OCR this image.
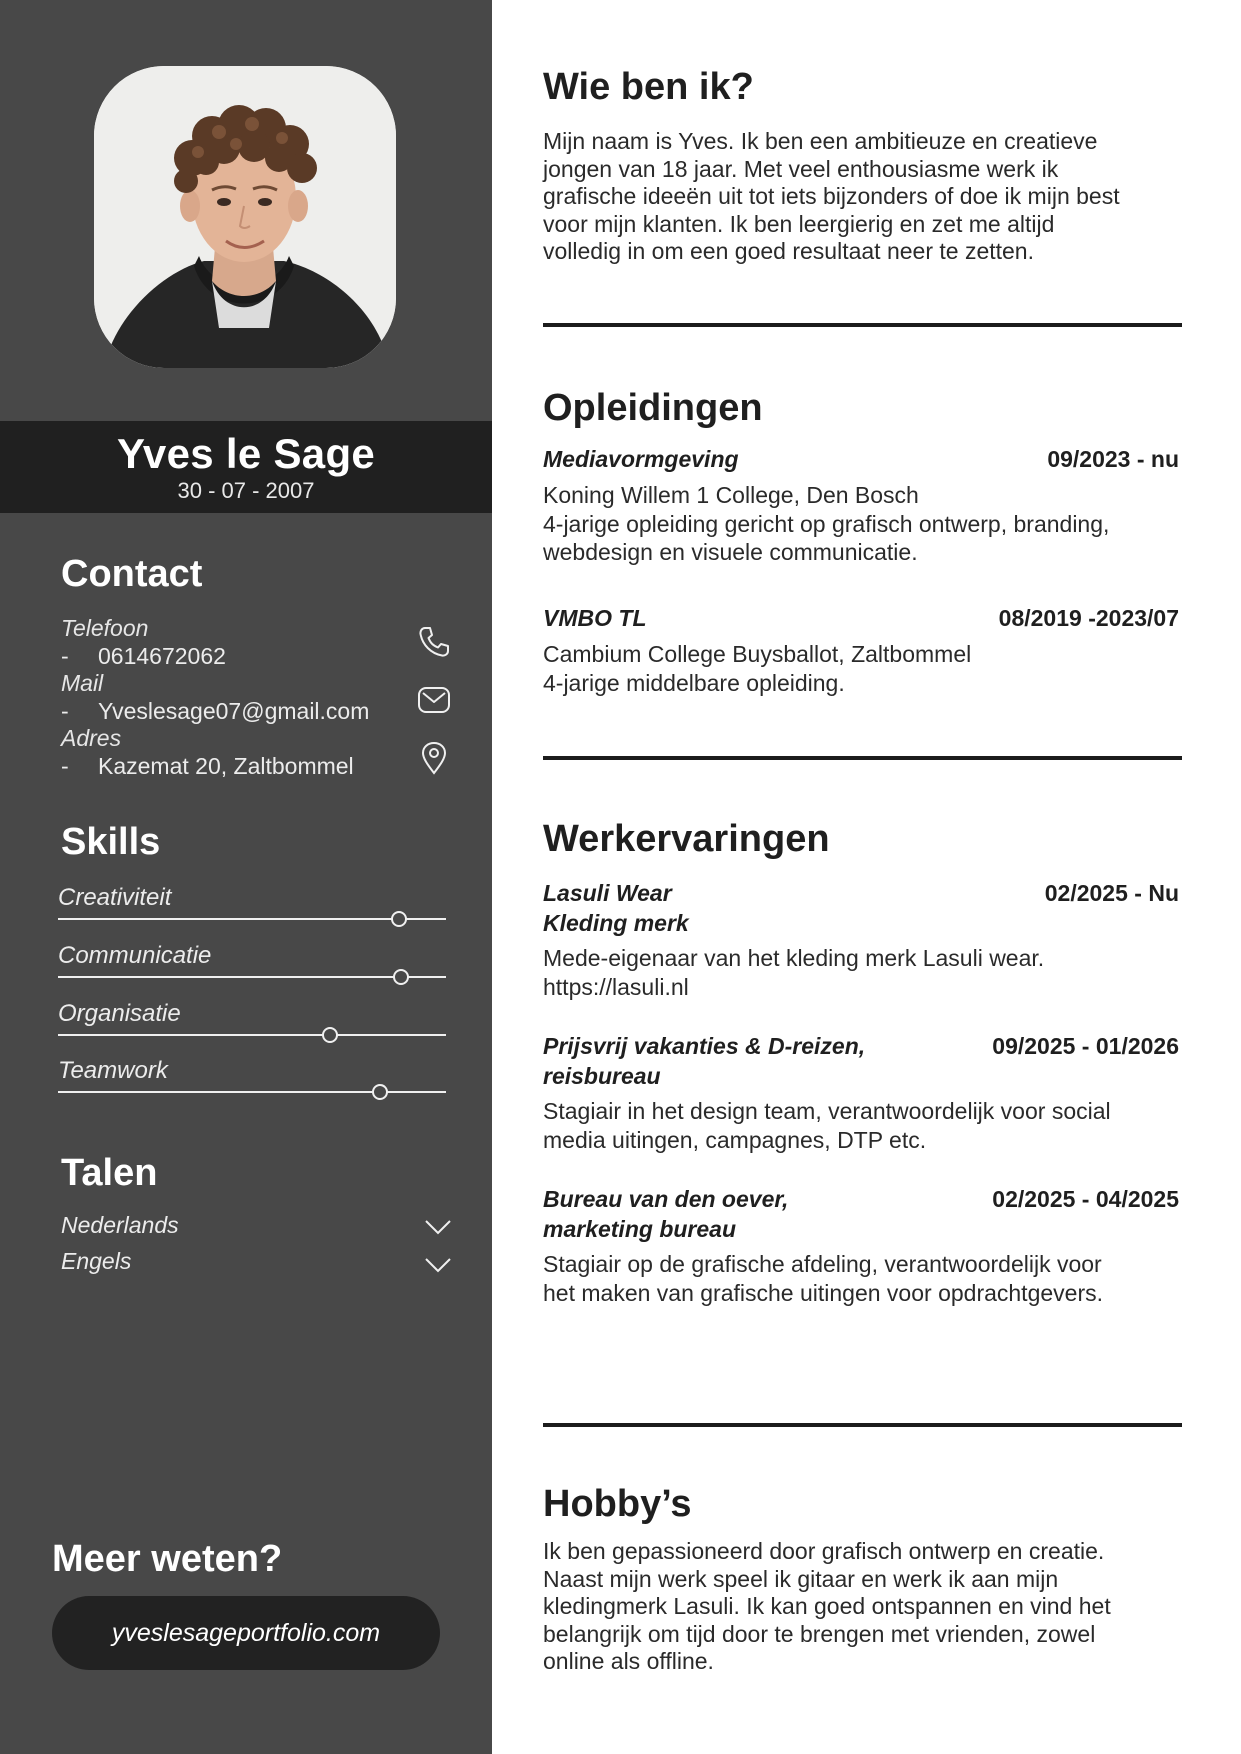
Yves le Sage
30 - 07 - 2007
Contact
Telefoon
- 0614672062
Mail
- Yveslesage07@gmail.com
Adres
- Kazemat 20, Zaltbommel
Skills
Creativiteit
Communicatie
Organisatie
Teamwork
Talen
Nederlands
Engels
Meer weten?
yveslesageportfolio.com
Wie ben ik?

Mijn naam is Yves. Ik ben een ambitieuze en creatieve
jongen van 18 jaar. Met veel enthousiasme werk ik
grafische ideeën uit tot iets bijzonders of doe ik mijn best
voor mijn klanten. Ik ben leergierig en zet me altijd
volledig in om een goed resultaat neer te zetten.

Opleidingen
Mediavormgeving	09/2023 - nu

Koning Willem 1 College, Den Bosch
4-jarige opleiding gericht op grafisch ontwerp, branding,
webdesign en visuele communicatie.

VMBO TL	08/2019 -2023/07

Cambium College Buysballot, Zaltbommel
4-jarige middelbare opleiding.

Werkervaringen
Lasuli Wear
Kleding merk
02/2025 - Nu

Mede-eigenaar van het kleding merk Lasuli wear.
https://lasuli.nl

Prijsvrij vakanties & D-reizen,
reisbureau
09/2025 - 01/2026

Stagiair in het design team, verantwoordelijk voor social
media uitingen, campagnes, DTP etc.

Bureau van den oever,
marketing bureau
02/2025 - 04/2025

Stagiair op de grafische afdeling, verantwoordelijk voor
het maken van grafische uitingen voor opdrachtgevers.

Hobby’s

Ik ben gepassioneerd door grafisch ontwerp en creatie.
Naast mijn werk speel ik gitaar en werk ik aan mijn
kledingmerk Lasuli. Ik kan goed ontspannen en vind het
belangrijk om tijd door te brengen met vrienden, zowel
online als offline.
